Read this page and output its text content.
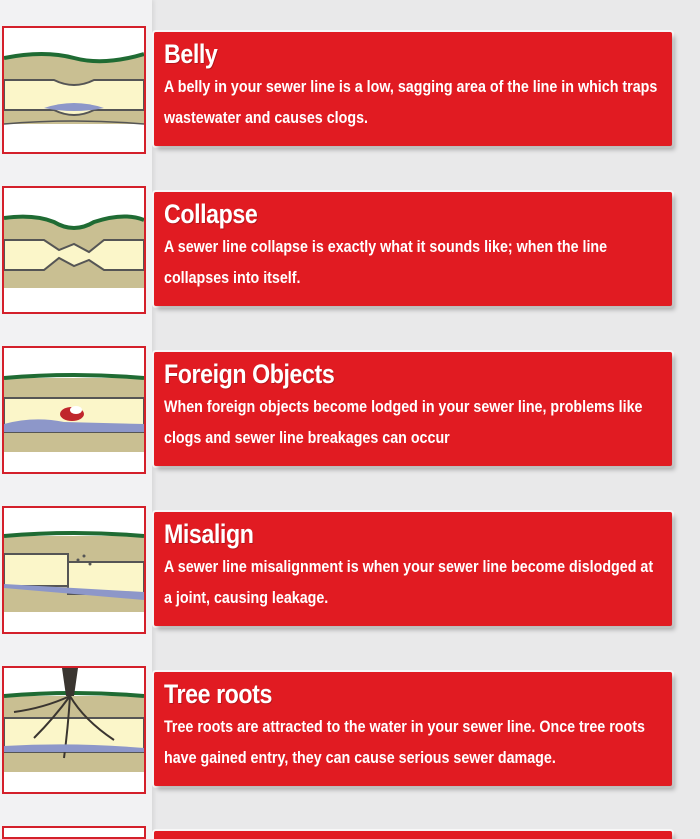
Belly

A belly in your sewer line is a low, sagging area of the line in which traps wastewater and causes clogs.

Collapse

A sewer line collapse is exactly what it sounds like; when the line collapses into itself.

Foreign Objects

When foreign objects become lodged in your sewer line, problems like clogs and sewer line breakages can occur

Misalign

A sewer line misalignment is when your sewer line become dislodged at a joint, causing leakage.

Tree roots

Tree roots are attracted to the water in your sewer line. Once tree roots have gained entry, they can cause serious sewer damage.
